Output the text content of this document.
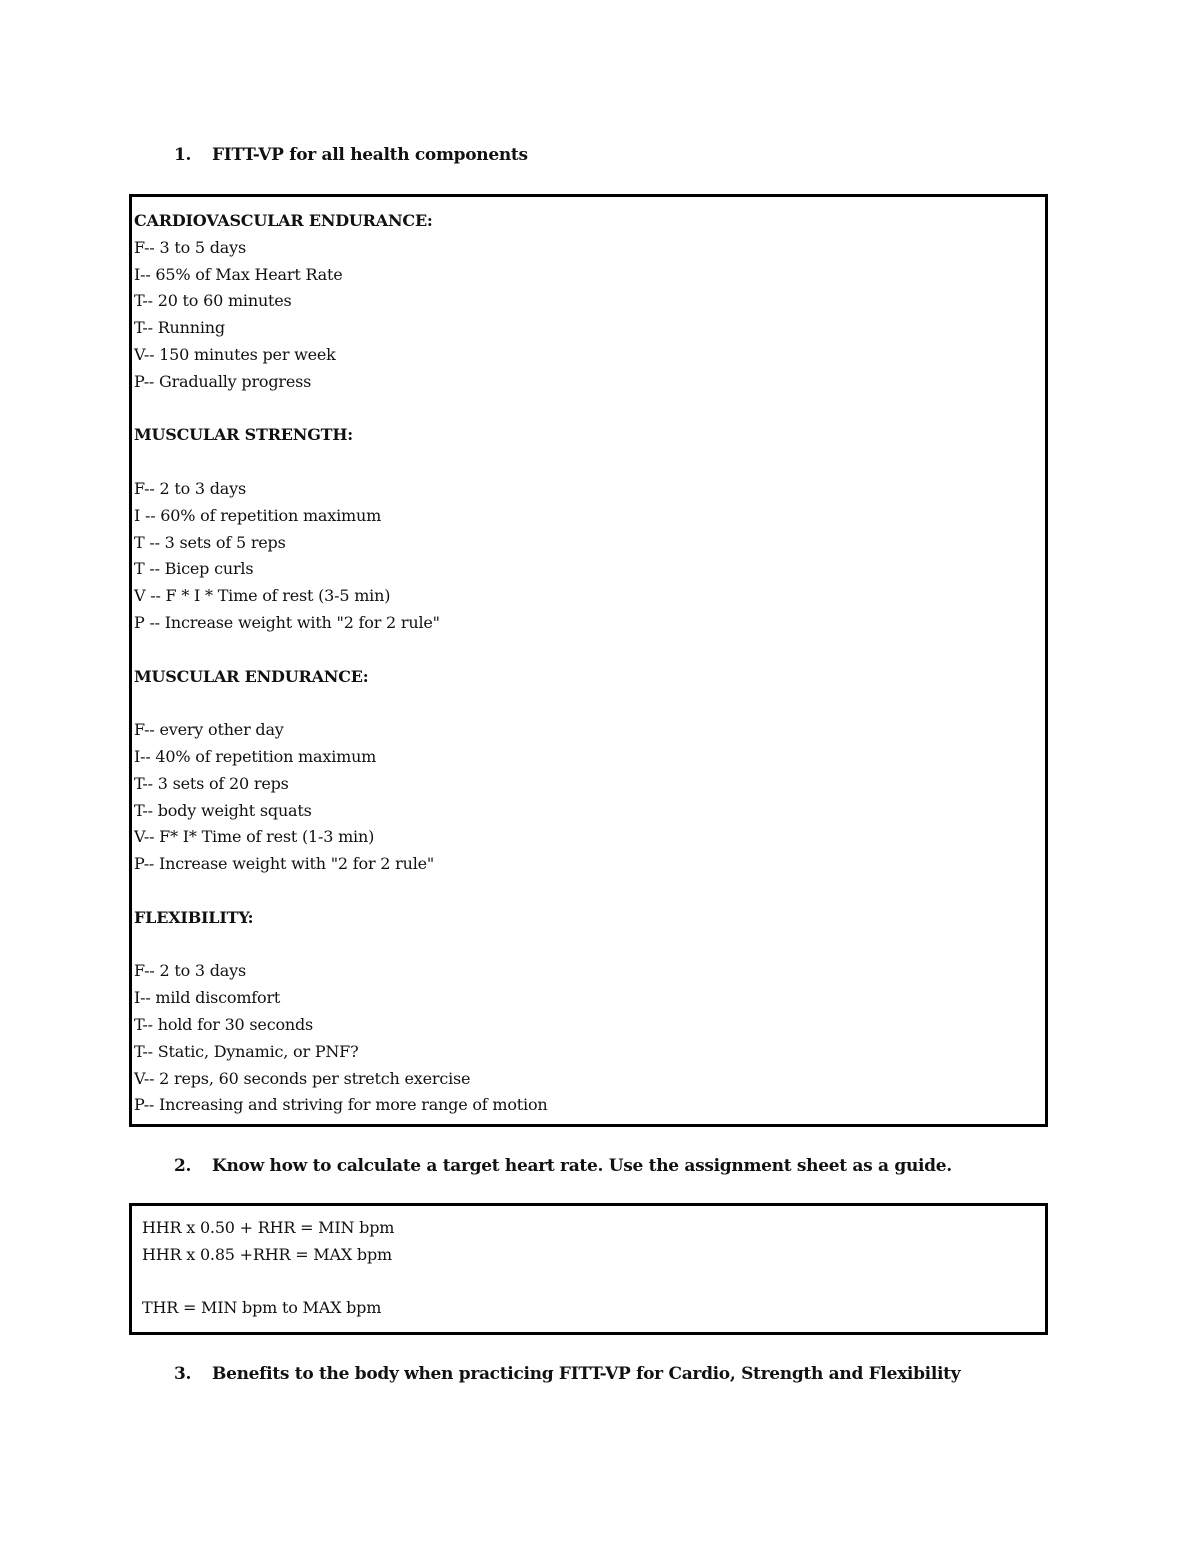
1. FITT-VP for all health components
CARDIOVASCULAR ENDURANCE:
F-- 3 to 5 days
I-- 65% of Max Heart Rate
T-- 20 to 60 minutes
T-- Running
V-- 150 minutes per week
P-- Gradually progress
MUSCULAR STRENGTH:
F-- 2 to 3 days
I -- 60% of repetition maximum
T -- 3 sets of 5 reps
T -- Bicep curls
V -- F * I * Time of rest (3-5 min)
P -- Increase weight with "2 for 2 rule"
MUSCULAR ENDURANCE:
F-- every other day
I-- 40% of repetition maximum
T-- 3 sets of 20 reps
T-- body weight squats
V-- F* I* Time of rest (1-3 min)
P-- Increase weight with "2 for 2 rule"
FLEXIBILITY:
F-- 2 to 3 days
I-- mild discomfort
T-- hold for 30 seconds
T-- Static, Dynamic, or PNF?
V-- 2 reps, 60 seconds per stretch exercise
P-- Increasing and striving for more range of motion
2. Know how to calculate a target heart rate. Use the assignment sheet as a guide.
HHR x 0.50 + RHR = MIN bpm
HHR x 0.85 +RHR = MAX bpm
THR = MIN bpm to MAX bpm
3. Benefits to the body when practicing FITT-VP for Cardio, Strength and Flexibility
